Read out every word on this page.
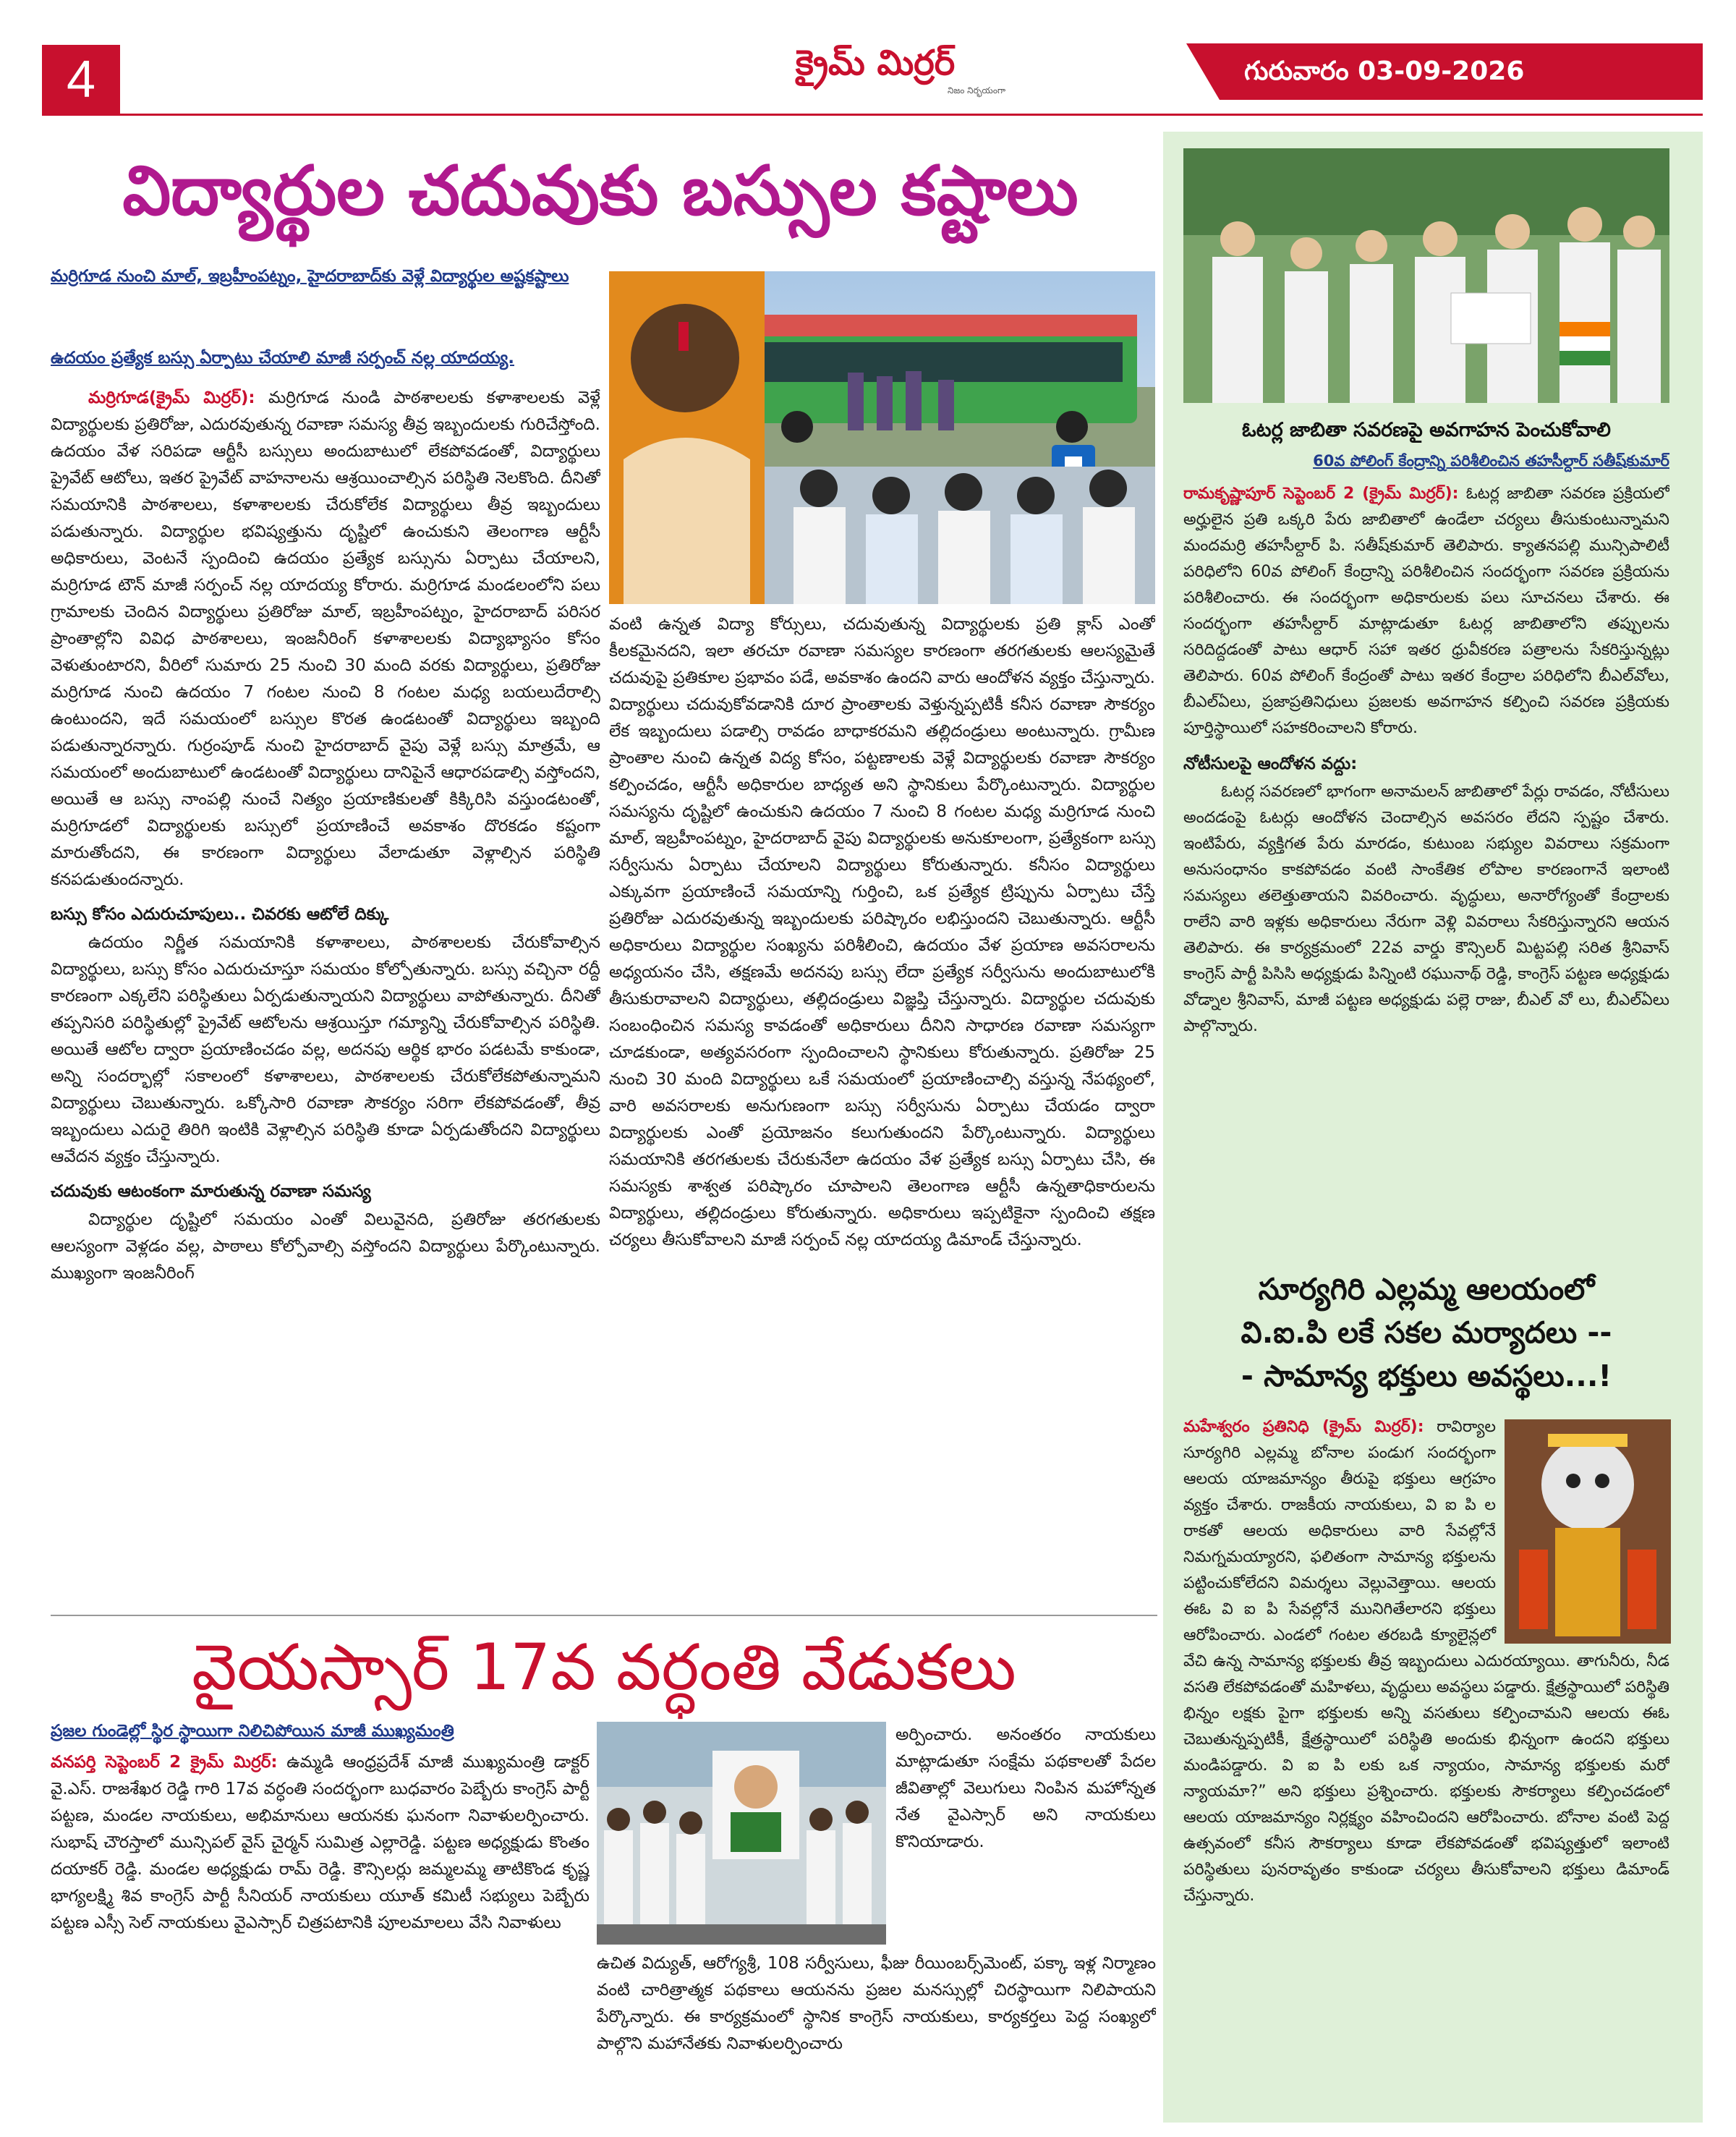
4	క్రైమ్ మిర్రర్
నిజం నిర్భయంగా
గురువారం 03-09-2026
విద్యార్థుల చదువుకు బస్సుల కష్టాలు
మర్రిగూడ నుంచి మాల్, ఇబ్రహీంపట్నం, హైదరాబాద్‌కు వెళ్లే విద్యార్థుల అష్టకష్టాలు
ఉదయం ప్రత్యేక బస్సు ఏర్పాటు చేయాలి మాజీ సర్పంచ్ నల్ల యాదయ్య.

మర్రిగూడ(క్రైమ్ మిర్రర్): మర్రిగూడ నుండి పాఠశాలలకు కళాశాలలకు వెళ్లే విద్యార్థులకు ప్రతిరోజు, ఎదురవుతున్న రవాణా సమస్య తీవ్ర ఇబ్బందులకు గురిచేస్తోంది. ఉదయం వేళ సరిపడా ఆర్టీసీ బస్సులు అందుబాటులో లేకపోవడంతో, విద్యార్థులు ప్రైవేట్ ఆటోలు, ఇతర ప్రైవేట్ వాహనాలను ఆశ్రయించాల్సిన పరిస్థితి నెలకొంది. దీనితో సమయానికి పాఠశాలలు, కళాశాలలకు చేరుకోలేక విద్యార్థులు తీవ్ర ఇబ్బందులు పడుతున్నారు. విద్యార్థుల భవిష్యత్తును దృష్టిలో ఉంచుకుని తెలంగాణ ఆర్టీసీ అధికారులు, వెంటనే స్పందించి ఉదయం ప్రత్యేక బస్సును ఏర్పాటు చేయాలని, మర్రిగూడ టౌన్ మాజీ సర్పంచ్ నల్ల యాదయ్య కోరారు. మర్రిగూడ మండలంలోని పలు గ్రామాలకు చెందిన విద్యార్థులు ప్రతిరోజు మాల్, ఇబ్రహీంపట్నం, హైదరాబాద్ పరిసర ప్రాంతాల్లోని వివిధ పాఠశాలలు, ఇంజనీరింగ్ కళాశాలలకు విద్యాభ్యాసం కోసం వెళుతుంటారని, వీరిలో సుమారు 25 నుంచి 30 మంది వరకు విద్యార్థులు, ప్రతిరోజు మర్రిగూడ నుంచి ఉదయం 7 గంటల నుంచి 8 గంటల మధ్య బయలుదేరాల్సి ఉంటుందని, ఇదే సమయంలో బస్సుల కొరత ఉండటంతో విద్యార్థులు ఇబ్బంది పడుతున్నారన్నారు. గుర్రంపూడ్ నుంచి హైదరాబాద్ వైపు వెళ్లే బస్సు మాత్రమే, ఆ సమయంలో అందుబాటులో ఉండటంతో విద్యార్థులు దానిపైనే ఆధారపడాల్సి వస్తోందని, అయితే ఆ బస్సు నాంపల్లి నుంచే నిత్యం ప్రయాణికులతో కిక్కిరిసి వస్తుండటంతో, మర్రిగూడలో విద్యార్థులకు బస్సులో ప్రయాణించే అవకాశం దొరకడం కష్టంగా మారుతోందని, ఈ కారణంగా విద్యార్థులు వేలాడుతూ వెళ్లాల్సిన పరిస్థితి కనపడుతుందన్నారు.

బస్సు కోసం ఎదురుచూపులు.. చివరకు ఆటోలే దిక్కు

ఉదయం నిర్ణీత సమయానికి కళాశాలలు, పాఠశాలలకు చేరుకోవాల్సిన విద్యార్థులు, బస్సు కోసం ఎదురుచూస్తూ సమయం కోల్పోతున్నారు. బస్సు వచ్చినా రద్దీ కారణంగా ఎక్కలేని పరిస్థితులు ఏర్పడుతున్నాయని విద్యార్థులు వాపోతున్నారు. దీనితో తప్పనిసరి పరిస్థితుల్లో ప్రైవేట్ ఆటోలను ఆశ్రయిస్తూ గమ్యాన్ని చేరుకోవాల్సిన పరిస్థితి. అయితే ఆటోల ద్వారా ప్రయాణించడం వల్ల, అదనపు ఆర్థిక భారం పడటమే కాకుండా, అన్ని సందర్భాల్లో సకాలంలో కళాశాలలు, పాఠశాలలకు చేరుకోలేకపోతున్నామని విద్యార్థులు చెబుతున్నారు. ఒక్కోసారి రవాణా సౌకర్యం సరిగా లేకపోవడంతో, తీవ్ర ఇబ్బందులు ఎదురై తిరిగి ఇంటికి వెళ్లాల్సిన పరిస్థితి కూడా ఏర్పడుతోందని విద్యార్థులు ఆవేదన వ్యక్తం చేస్తున్నారు.

చదువుకు ఆటంకంగా మారుతున్న రవాణా సమస్య

విద్యార్థుల దృష్టిలో సమయం ఎంతో విలువైనది, ప్రతిరోజు తరగతులకు ఆలస్యంగా వెళ్లడం వల్ల, పాఠాలు కోల్పోవాల్సి వస్తోందని విద్యార్థులు పేర్కొంటున్నారు. ముఖ్యంగా ఇంజనీరింగ్

వంటి ఉన్నత విద్యా కోర్సులు, చదువుతున్న విద్యార్థులకు ప్రతి క్లాస్ ఎంతో కీలకమైనదని, ఇలా తరచూ రవాణా సమస్యల కారణంగా తరగతులకు ఆలస్యమైతే చదువుపై ప్రతికూల ప్రభావం పడే, అవకాశం ఉందని వారు ఆందోళన వ్యక్తం చేస్తున్నారు. విద్యార్థులు చదువుకోవడానికి దూర ప్రాంతాలకు వెళ్తున్నప్పటికీ కనీస రవాణా సౌకర్యం లేక ఇబ్బందులు పడాల్సి రావడం బాధాకరమని తల్లిదండ్రులు అంటున్నారు. గ్రామీణ ప్రాంతాల నుంచి ఉన్నత విద్య కోసం, పట్టణాలకు వెళ్లే విద్యార్థులకు రవాణా సౌకర్యం కల్పించడం, ఆర్టీసీ అధికారుల బాధ్యత అని స్థానికులు పేర్కొంటున్నారు. విద్యార్థుల సమస్యను దృష్టిలో ఉంచుకుని ఉదయం 7 నుంచి 8 గంటల మధ్య మర్రిగూడ నుంచి మాల్, ఇబ్రహీంపట్నం, హైదరాబాద్ వైపు విద్యార్థులకు అనుకూలంగా, ప్రత్యేకంగా బస్సు సర్వీసును ఏర్పాటు చేయాలని విద్యార్థులు కోరుతున్నారు. కనీసం విద్యార్థులు ఎక్కువగా ప్రయాణించే సమయాన్ని గుర్తించి, ఒక ప్రత్యేక ట్రిప్పును ఏర్పాటు చేస్తే ప్రతిరోజు ఎదురవుతున్న ఇబ్బందులకు పరిష్కారం లభిస్తుందని చెబుతున్నారు. ఆర్టీసీ అధికారులు విద్యార్థుల సంఖ్యను పరిశీలించి, ఉదయం వేళ ప్రయాణ అవసరాలను అధ్యయనం చేసి, తక్షణమే అదనపు బస్సు లేదా ప్రత్యేక సర్వీసును అందుబాటులోకి తీసుకురావాలని విద్యార్థులు, తల్లిదండ్రులు విజ్ఞప్తి చేస్తున్నారు. విద్యార్థుల చదువుకు సంబంధించిన సమస్య కావడంతో అధికారులు దీనిని సాధారణ రవాణా సమస్యగా చూడకుండా, అత్యవసరంగా స్పందించాలని స్థానికులు కోరుతున్నారు. ప్రతిరోజు 25 నుంచి 30 మంది విద్యార్థులు ఒకే సమయంలో ప్రయాణించాల్సి వస్తున్న నేపథ్యంలో, వారి అవసరాలకు అనుగుణంగా బస్సు సర్వీసును ఏర్పాటు చేయడం ద్వారా విద్యార్థులకు ఎంతో ప్రయోజనం కలుగుతుందని పేర్కొంటున్నారు. విద్యార్థులు సమయానికి తరగతులకు చేరుకునేలా ఉదయం వేళ ప్రత్యేక బస్సు ఏర్పాటు చేసి, ఈ సమస్యకు శాశ్వత పరిష్కారం చూపాలని తెలంగాణ ఆర్టీసీ ఉన్నతాధికారులను విద్యార్థులు, తల్లిదండ్రులు కోరుతున్నారు. అధికారులు ఇప్పటికైనా స్పందించి తక్షణ చర్యలు తీసుకోవాలని మాజీ సర్పంచ్ నల్ల యాదయ్య డిమాండ్ చేస్తున్నారు.

వైయస్సార్ 17వ వర్ధంతి వేడుకలు
ప్రజల గుండెల్లో స్థిర స్థాయిగా నిలిచిపోయిన మాజీ ముఖ్యమంత్రి

వనపర్తి సెప్టెంబర్ 2 క్రైమ్ మిర్రర్: ఉమ్మడి ఆంధ్రప్రదేశ్ మాజీ ముఖ్యమంత్రి డాక్టర్ వై.ఎస్. రాజశేఖర రెడ్డి గారి 17వ వర్ధంతి సందర్భంగా బుధవారం పెబ్బేరు కాంగ్రెస్ పార్టీ పట్టణ, మండల నాయకులు, అభిమానులు ఆయనకు ఘనంగా నివాళులర్పించారు. సుభాష్ చౌరస్తాలో మున్సిపల్ వైస్ చైర్మన్ సుమిత్ర ఎల్లారెడ్డి. పట్టణ అధ్యక్షుడు కొంతం దయాకర్ రెడ్డి. మండల అధ్యక్షుడు రామ్ రెడ్డి. కౌన్సిలర్లు జమ్మలమ్మ తాటికొండ కృష్ణ భాగ్యలక్ష్మి శివ కాంగ్రెస్ పార్టీ సీనియర్ నాయకులు యూత్ కమిటీ సభ్యులు పెబ్బేరు పట్టణ ఎస్సీ సెల్ నాయకులు వైఎస్సార్ చిత్రపటానికి పూలమాలలు వేసి నివాళులు

అర్పించారు. అనంతరం నాయకులు మాట్లాడుతూ సంక్షేమ పథకాలతో పేదల జీవితాల్లో వెలుగులు నింపిన మహోన్నత నేత వైఎస్సార్ అని నాయకులు కొనియాడారు.

ఉచిత విద్యుత్, ఆరోగ్యశ్రీ, 108 సర్వీసులు, ఫీజు రీయింబర్స్‌మెంట్, పక్కా ఇళ్ల నిర్మాణం వంటి చారిత్రాత్మక పథకాలు ఆయనను ప్రజల మనస్సుల్లో చిరస్థాయిగా నిలిపాయని పేర్కొన్నారు. ఈ కార్యక్రమంలో స్థానిక కాంగ్రెస్ నాయకులు, కార్యకర్తలు పెద్ద సంఖ్యలో పాల్గొని మహానేతకు నివాళులర్పించారు

ఓటర్ల జాబితా సవరణపై అవగాహన పెంచుకోవాలి
60వ పోలింగ్ కేంద్రాన్ని పరిశీలించిన తహసీల్దార్ సతీష్‌కుమార్

రామకృష్ణాపూర్ సెప్టెంబర్ 2 (క్రైమ్ మిర్రర్): ఓటర్ల జాబితా సవరణ ప్రక్రియలో అర్హులైన ప్రతి ఒక్కరి పేరు జాబితాలో ఉండేలా చర్యలు తీసుకుంటున్నామని మందమర్రి తహసీల్దార్ పి. సతీష్‌కుమార్ తెలిపారు. క్యాతనపల్లి మున్సిపాలిటీ పరిధిలోని 60వ పోలింగ్ కేంద్రాన్ని పరిశీలించిన సందర్భంగా సవరణ ప్రక్రియను పరిశీలించారు. ఈ సందర్భంగా అధికారులకు పలు సూచనలు చేశారు. ఈ సందర్భంగా తహసీల్దార్ మాట్లాడుతూ ఓటర్ల జాబితాలోని తప్పులను సరిదిద్దడంతో పాటు ఆధార్ సహా ఇతర ధ్రువీకరణ పత్రాలను సేకరిస్తున్నట్లు తెలిపారు. 60వ పోలింగ్ కేంద్రంతో పాటు ఇతర కేంద్రాల పరిధిలోని బీఎల్‌వోలు, బీఎల్‌ఏలు, ప్రజాప్రతినిధులు ప్రజలకు అవగాహన కల్పించి సవరణ ప్రక్రియకు పూర్తిస్థాయిలో సహకరించాలని కోరారు.

నోటీసులపై ఆందోళన వద్దు:

ఓటర్ల సవరణలో భాగంగా అనామలన్ జాబితాలో పేర్లు రావడం, నోటీసులు అందడంపై ఓటర్లు ఆందోళన చెందాల్సిన అవసరం లేదని స్పష్టం చేశారు. ఇంటిపేరు, వ్యక్తిగత పేరు మారడం, కుటుంబ సభ్యుల వివరాలు సక్రమంగా అనుసంధానం కాకపోవడం వంటి సాంకేతిక లోపాల కారణంగానే ఇలాంటి సమస్యలు తలెత్తుతాయని వివరించారు. వృద్ధులు, అనారోగ్యంతో కేంద్రాలకు రాలేని వారి ఇళ్లకు అధికారులు నేరుగా వెళ్లి వివరాలు సేకరిస్తున్నారని ఆయన తెలిపారు. ఈ కార్యక్రమంలో 22వ వార్డు కౌన్సిలర్ మిట్టపల్లి సరిత శ్రీనివాస్ కాంగ్రెస్ పార్టీ పిసిసి అధ్యక్షుడు పిన్నింటి రఘునాథ్ రెడ్డి, కాంగ్రెస్ పట్టణ అధ్యక్షుడు వోడ్నాల శ్రీనివాస్, మాజీ పట్టణ అధ్యక్షుడు పల్లె రాజు, బీఎల్ వో లు, బీఎల్‌ఏలు పాల్గొన్నారు.

సూర్యగిరి ఎల్లమ్మ ఆలయంలో
వి.ఐ.పి లకే సకల మర్యాదలు --
- సామాన్య భక్తులు అవస్థలు...!

మహేశ్వరం ప్రతినిధి (క్రైమ్ మిర్రర్): రావిర్యాల సూర్యగిరి ఎల్లమ్మ బోనాల పండుగ సందర్భంగా ఆలయ యాజమాన్యం తీరుపై భక్తులు ఆగ్రహం వ్యక్తం చేశారు. రాజకీయ నాయకులు, వి ఐ పి ల రాకతో ఆలయ అధికారులు వారి సేవల్లోనే నిమగ్నమయ్యారని, ఫలితంగా సామాన్య భక్తులను పట్టించుకోలేదని విమర్శలు వెల్లువెత్తాయి. ఆలయ ఈఓ వి ఐ పి సేవల్లోనే మునిగితేలారని భక్తులు ఆరోపించారు. ఎండలో గంటల తరబడి క్యూలైన్లలో వేచి ఉన్న సామాన్య భక్తులకు తీవ్ర ఇబ్బందులు ఎదురయ్యాయి. తాగునీరు, నీడ వసతి లేకపోవడంతో మహిళలు, వృద్ధులు అవస్థలు పడ్డారు. క్షేత్రస్థాయిలో పరిస్థితి భిన్నం లక్షకు పైగా భక్తులకు అన్ని వసతులు కల్పించామని ఆలయ ఈఓ చెబుతున్నప్పటికీ, క్షేత్రస్థాయిలో పరిస్థితి అందుకు భిన్నంగా ఉందని భక్తులు మండిపడ్డారు. వి ఐ పి లకు ఒక న్యాయం, సామాన్య భక్తులకు మరో న్యాయమా?” అని భక్తులు ప్రశ్నించారు. భక్తులకు సౌకర్యాలు కల్పించడంలో ఆలయ యాజమాన్యం నిర్లక్ష్యం వహించిందని ఆరోపించారు. బోనాల వంటి పెద్ద ఉత్సవంలో కనీస సౌకర్యాలు కూడా లేకపోవడంతో భవిష్యత్తులో ఇలాంటి పరిస్థితులు పునరావృతం కాకుండా చర్యలు తీసుకోవాలని భక్తులు డిమాండ్ చేస్తున్నారు.
